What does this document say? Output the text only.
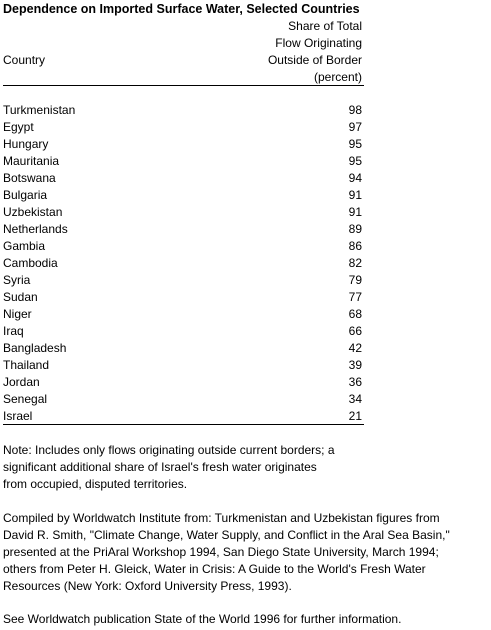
Dependence on Imported Surface Water, Selected Countries
Country
Share of Total
Flow Originating
Outside of Border
(percent)
Turkmenistan	98
Egypt	97
Hungary	95
Mauritania	95
Botswana	94
Bulgaria	91
Uzbekistan	91
Netherlands	89
Gambia	86
Cambodia	82
Syria	79
Sudan	77
Niger	68
Iraq	66
Bangladesh	42
Thailand	39
Jordan	36
Senegal	34
Israel	21
Note: Includes only flows originating outside current borders; a
significant additional share of Israel's fresh water originates
from occupied, disputed territories.
Compiled by Worldwatch Institute from: Turkmenistan and Uzbekistan figures from
David R. Smith, "Climate Change, Water Supply, and Conflict in the Aral Sea Basin,"
presented at the PriAral Workshop 1994, San Diego State University, March 1994;
others from Peter H. Gleick, Water in Crisis: A Guide to the World's Fresh Water
Resources (New York: Oxford University Press, 1993).
See Worldwatch publication State of the World 1996 for further information.
